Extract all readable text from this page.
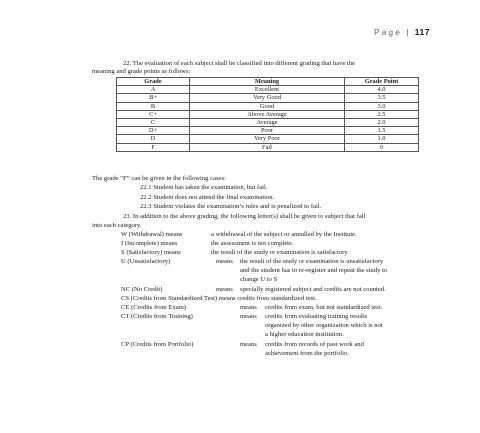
Page | 117
22. The evaluation of each subject shall be classified into different grading that have the
meaning and grade points as follows:
Grade	Meaning	Grade Point
A	Excellent	4.0
B+	Very Good	3.5
B	Good	3.0
C+	Above Average	2.5
C	Average	2.0
D+	Poor	1.5
D	Very Poor	1.0
F	Fail	0
The grade “F” can be given in the following cases:
22.1 Student has taken the examination, but fail.
22.2 Student does not attend the final examination.
22.3 Student violates the examination’s rules and is penalized to fail.
23. In addition to the above grading, the following letter(s) shall be given to subject that fall
into each category.
W (Withdrawal) means	a withdrawal of the subject or annulled by the Institute.
I (Incomplete) means	the assessment is not complete.
S (Satisfactory) means	the result of the study or examination is satisfactory.
U (Unsatisfactory)	means the result of the study or examination is unsatisfactory
and the student has to re-register and repeat the study to
change U to S
NC (No Credit)	means specially registered subject and credits are not counted.
CS (Credits from Standardized Test) means credits from standardized test.
CE (Credits from Exam)	means credits from exam, but not standardized test.
CT (Credits from Training)	means credits from evaluating training results
organized by other organization which is not
a higher education institution.
CP (Credits from Portfolio)	means credits from records of past work and
achievement from the portfolio.
